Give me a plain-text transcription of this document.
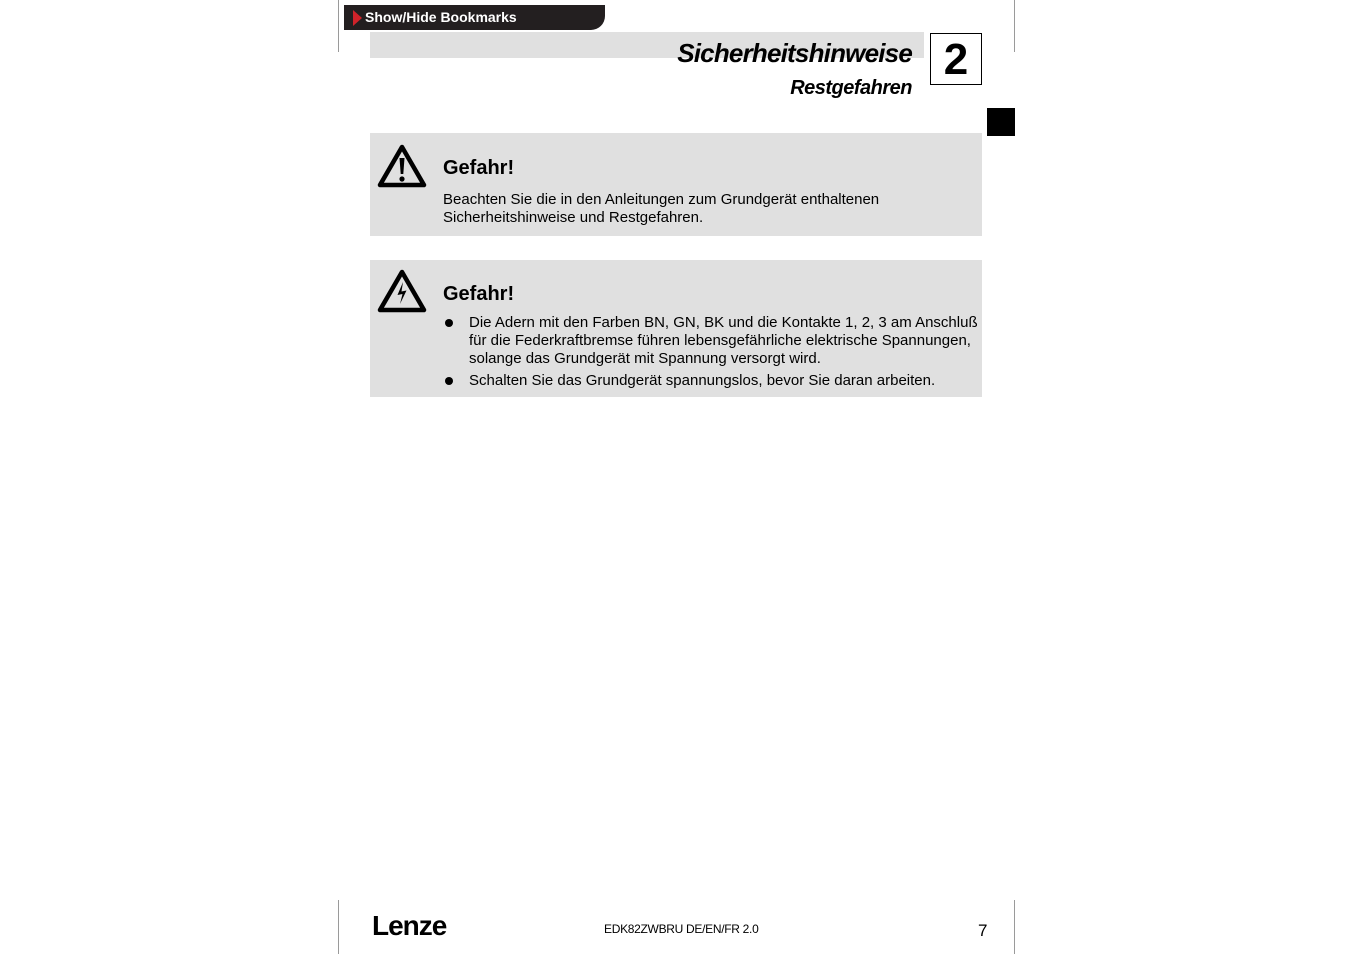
Show/Hide Bookmarks
Sicherheitshinweise
Restgefahren
2
Gefahr!
Beachten Sie die in den Anleitungen zum Grundgerät enthaltenen Sicherheitshinweise und Restgefahren.
Gefahr!
Die Adern mit den Farben BN, GN, BK und die Kontakte 1, 2, 3 am Anschluß für die Federkraftbremse führen lebensgefährliche elektrische Spannungen, solange das Grundgerät mit Spannung versorgt wird.
Schalten Sie das Grundgerät spannungslos, bevor Sie daran arbeiten.
Lenze	EDK82ZWBRU DE/EN/FR 2.0	7
